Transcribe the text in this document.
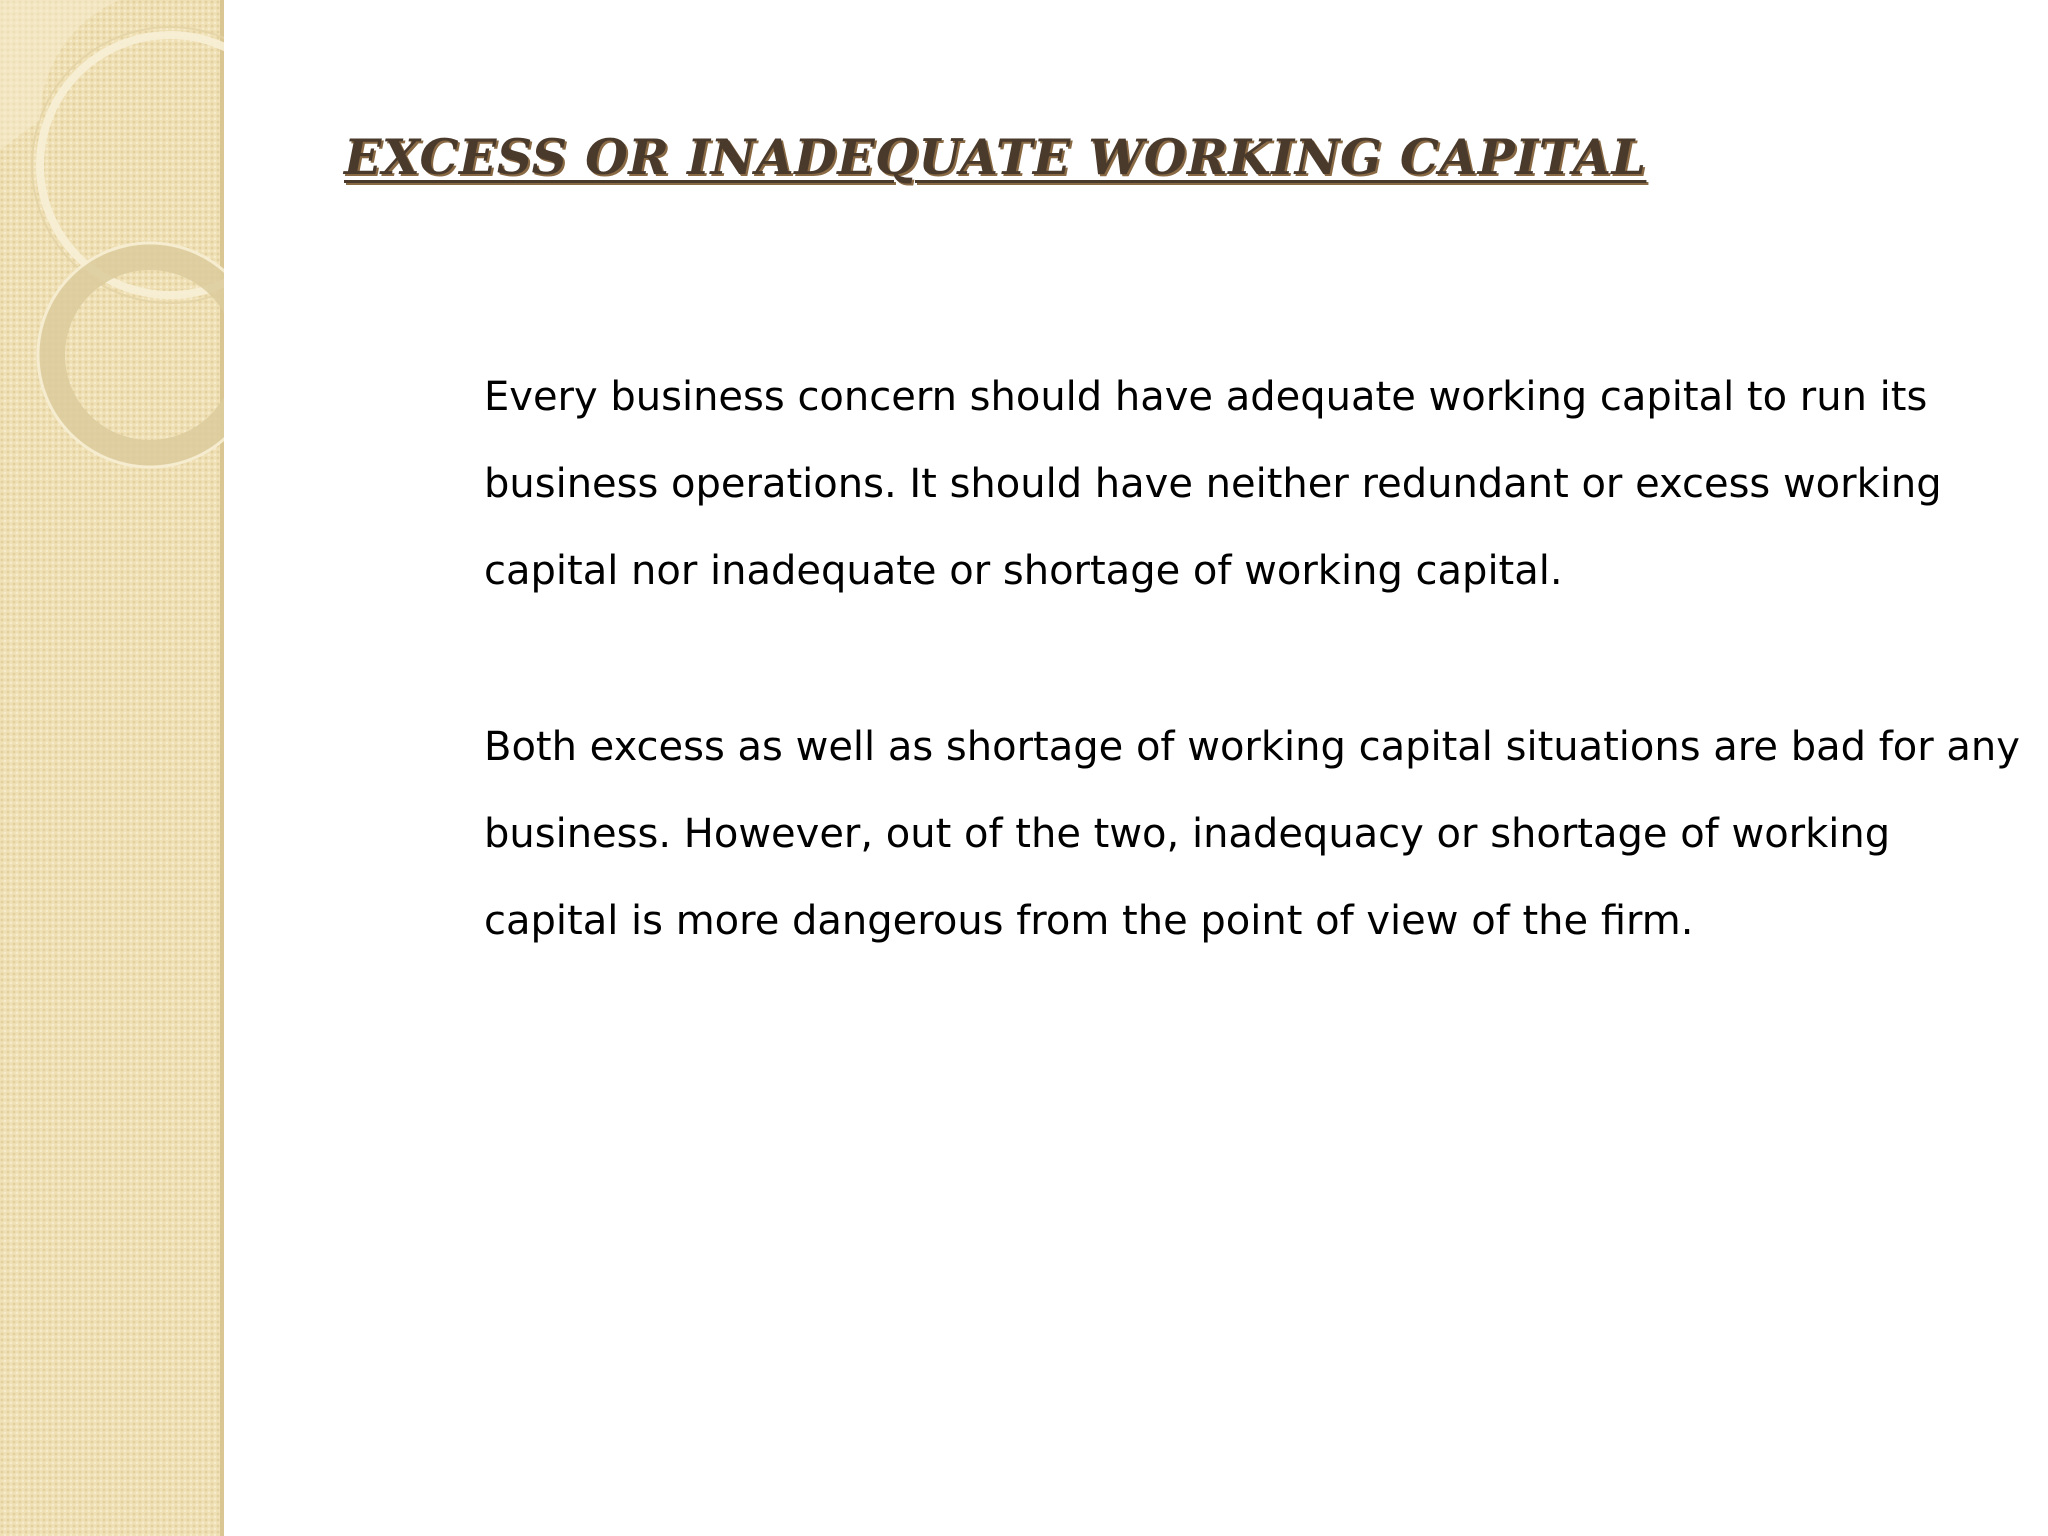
EXCESS OR INADEQUATE WORKING CAPITAL

Every business concern should have adequate working capital to run its
business operations. It should have neither redundant or excess working
capital nor inadequate or shortage of working capital.

Both excess as well as shortage of working capital situations are bad for any
business. However, out of the two, inadequacy or shortage of working
capital is more dangerous from the point of view of the firm.
